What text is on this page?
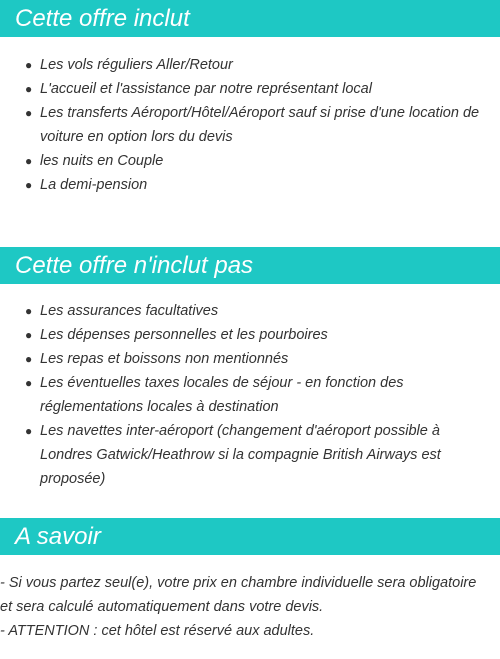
Cette offre inclut
● Les vols réguliers Aller/Retour
● L'accueil et l'assistance par notre représentant local
● Les transferts Aéroport/Hôtel/Aéroport sauf si prise d'une location de voiture en option lors du devis
● les nuits en Couple
● La demi-pension
Cette offre n'inclut pas
● Les assurances facultatives
● Les dépenses personnelles et les pourboires
● Les repas et boissons non mentionnés
● Les éventuelles taxes locales de séjour - en fonction des réglementations locales à destination
● Les navettes inter-aéroport (changement d'aéroport possible à Londres Gatwick/Heathrow si la compagnie British Airways est proposée)
A savoir

- Si vous partez seul(e), votre prix en chambre individuelle sera obligatoire et sera calculé automatiquement dans votre devis.

- ATTENTION : cet hôtel est réservé aux adultes.
